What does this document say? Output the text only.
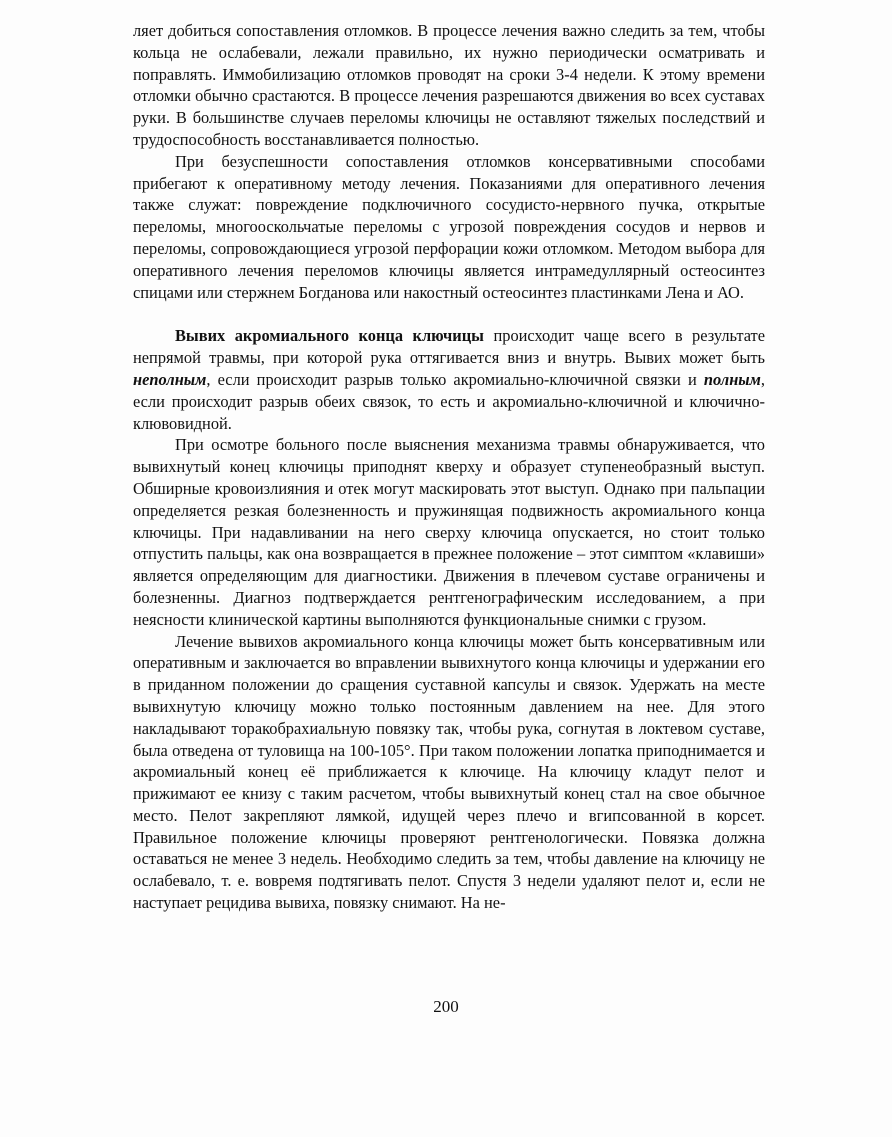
ляет добиться сопоставления отломков. В процессе лечения важно следить за тем, чтобы кольца не ослабевали, лежали правильно, их нужно периодически осматривать и поправлять. Иммобилизацию отломков проводят на сроки 3-4 недели. К этому времени отломки обычно срастаются. В процессе лечения разрешаются движения во всех суставах руки. В большинстве случаев переломы ключицы не оставляют тяжелых последствий и трудоспособность восстанавливается полностью.

При безуспешности сопоставления отломков консервативными способами прибегают к оперативному методу лечения. Показаниями для оперативного лечения также служат: повреждение подключичного сосудисто-нервного пучка, открытые переломы, многооскольчатые переломы с угрозой повреждения сосудов и нервов и переломы, сопровождающиеся угрозой перфорации кожи отломком. Методом выбора для оперативного лечения переломов ключицы является интрамедуллярный остеосинтез спицами или стержнем Богданова или накостный остеосинтез пластинками Лена и АО.

Вывих акромиального конца ключицы происходит чаще всего в результате непрямой травмы, при которой рука оттягивается вниз и внутрь. Вывих может быть неполным, если происходит разрыв только акромиально-ключичной связки и полным, если происходит разрыв обеих связок, то есть и акромиально-ключичной и ключично-клювовидной.

При осмотре больного после выяснения механизма травмы обнаруживается, что вывихнутый конец ключицы приподнят кверху и образует ступенеобразный выступ. Обширные кровоизлияния и отек могут маскировать этот выступ. Однако при пальпации определяется резкая болезненность и пружинящая подвижность акромиального конца ключицы. При надавливании на него сверху ключица опускается, но стоит только отпустить пальцы, как она возвращается в прежнее положение – этот симптом «клавиши» является определяющим для диагностики. Движения в плечевом суставе ограничены и болезненны. Диагноз подтверждается рентгенографическим исследованием, а при неясности клинической картины выполняются функциональные снимки с грузом.

Лечение вывихов акромиального конца ключицы может быть консервативным или оперативным и заключается во вправлении вывихнутого конца ключицы и удержании его в приданном положении до сращения суставной капсулы и связок. Удержать на месте вывихнутую ключицу можно только постоянным давлением на нее. Для этого накладывают торакобрахиальную повязку так, чтобы рука, согнутая в локтевом суставе, была отведена от туловища на 100-105°. При таком положении лопатка приподнимается и акромиальный конец её приближается к ключице. На ключицу кладут пелот и прижимают ее книзу с таким расчетом, чтобы вывихнутый конец стал на свое обычное место. Пелот закрепляют лямкой, идущей через плечо и вгипсованной в корсет. Правильное положение ключицы проверяют рентгенологически. Повязка должна оставаться не менее 3 недель. Необходимо следить за тем, чтобы давление на ключицу не ослабевало, т. е. вовремя подтягивать пелот. Спустя 3 недели удаляют пелот и, если не наступает рецидива вывиха, повязку снимают. На не-

200
